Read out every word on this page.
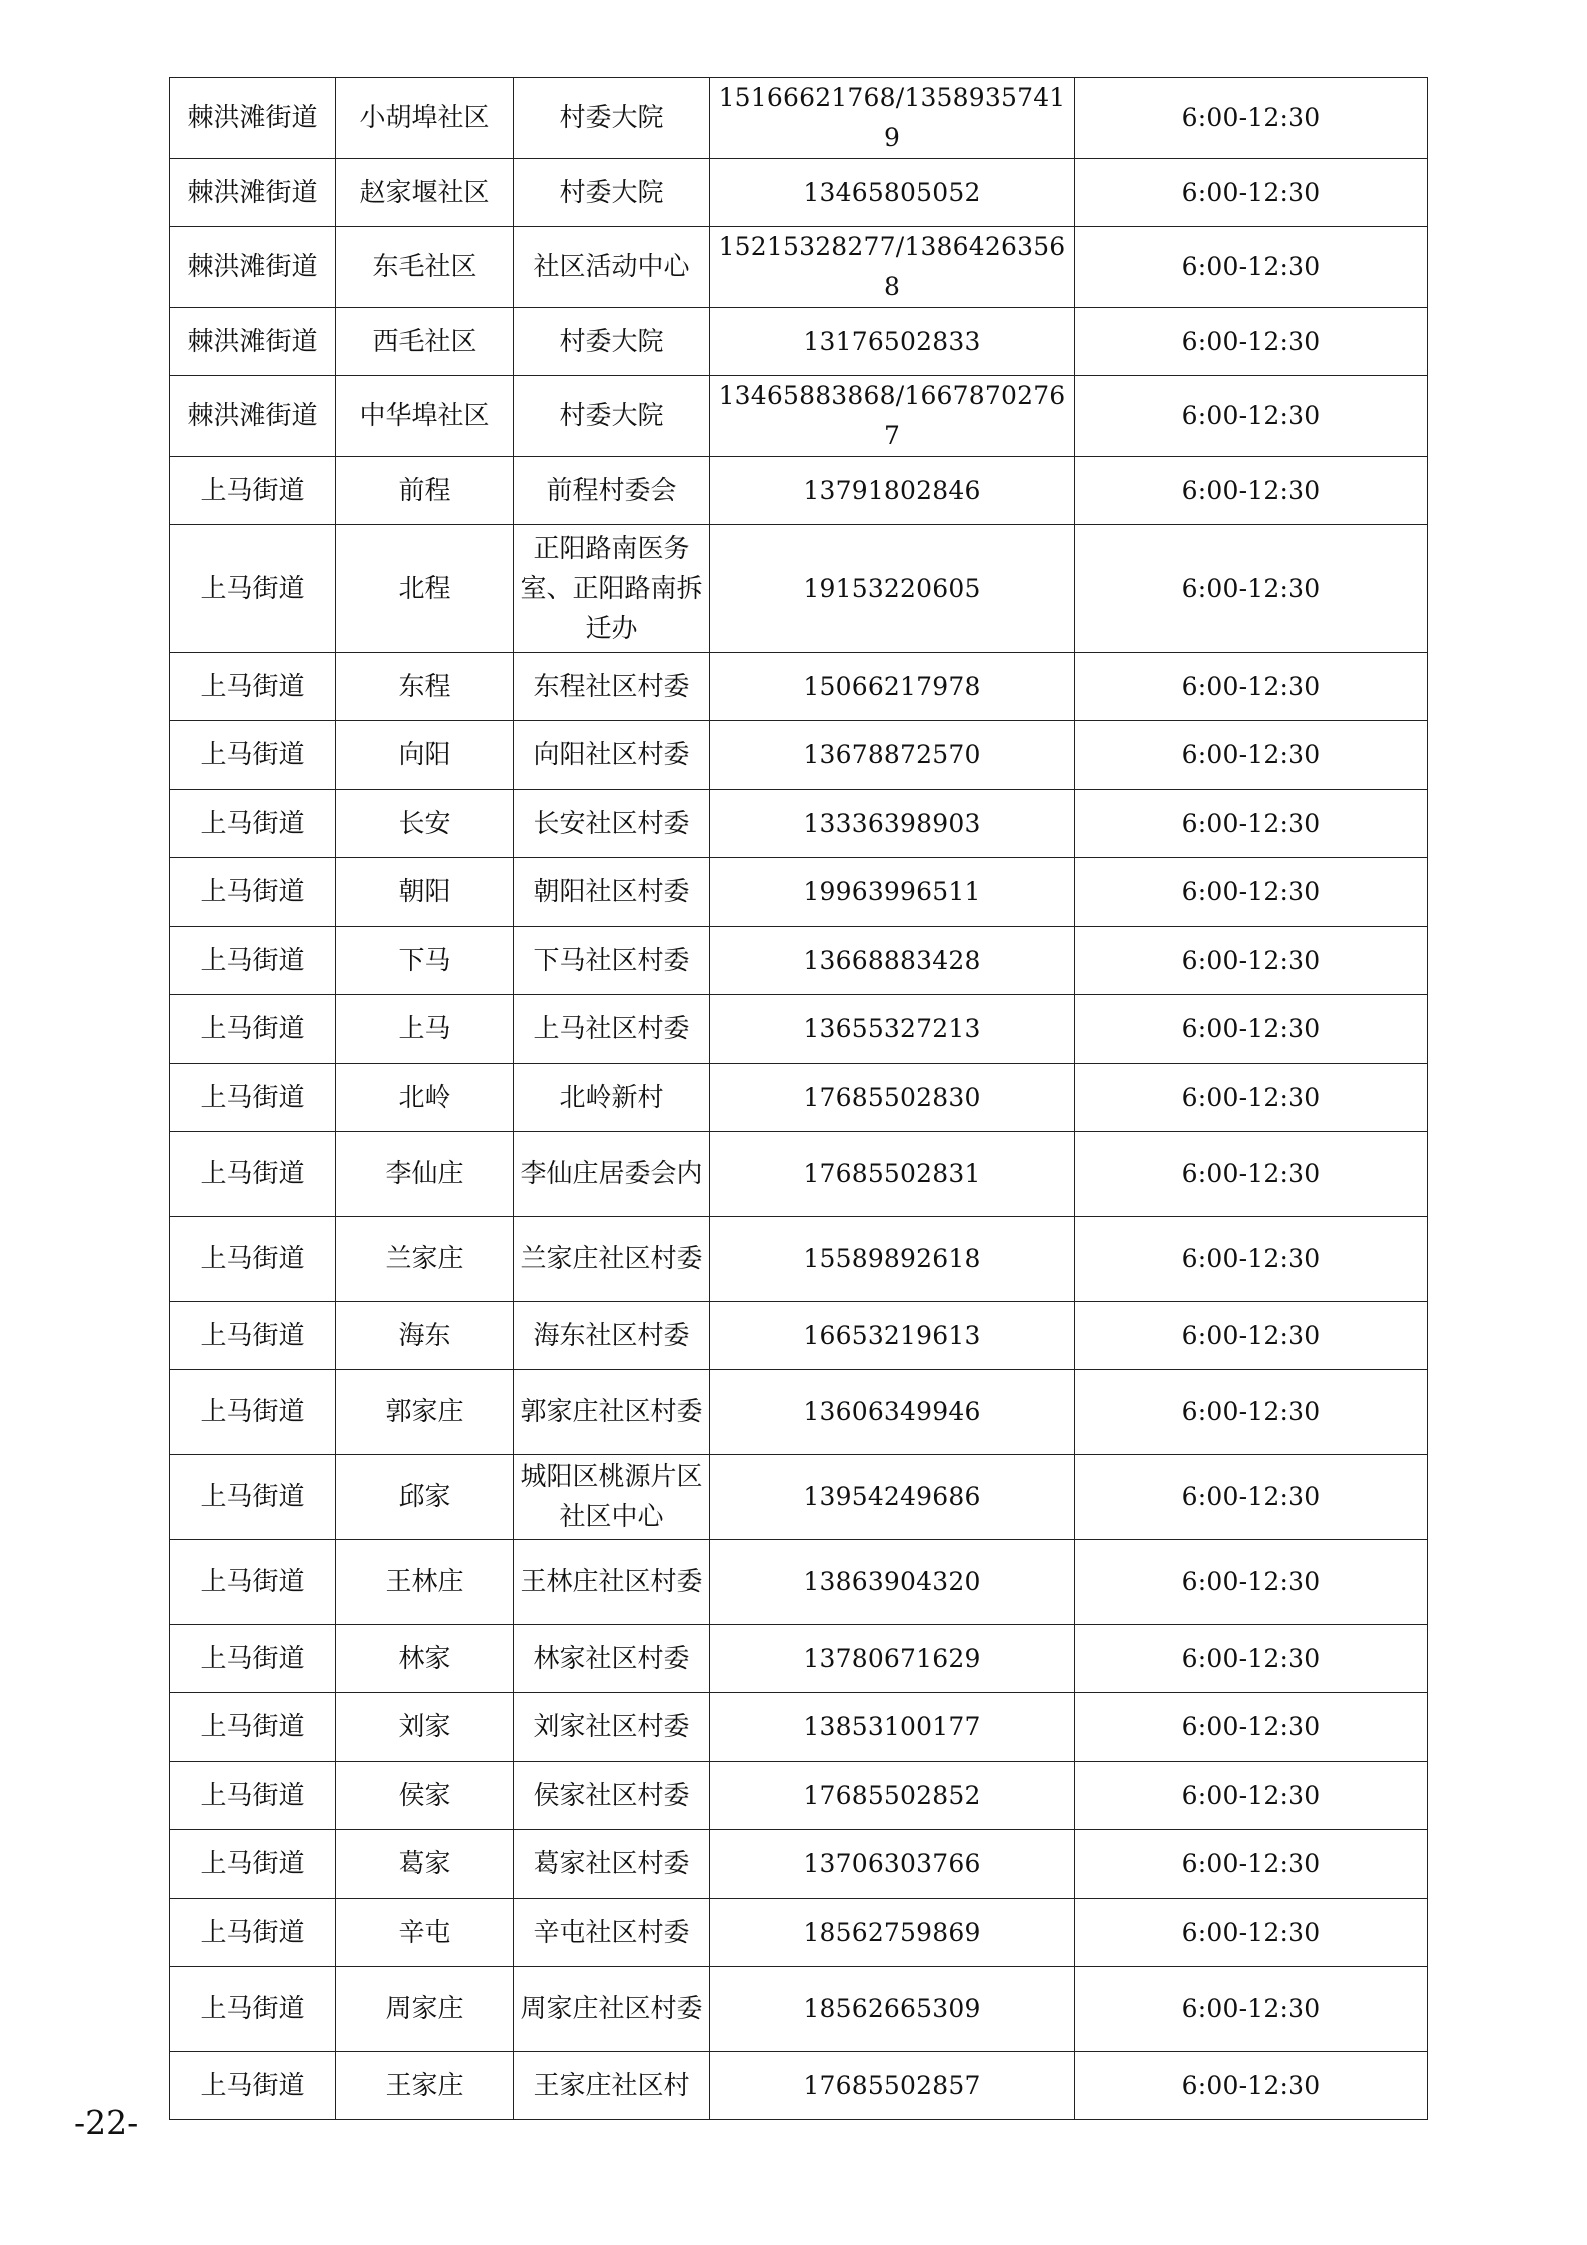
棘洪滩街道	小胡埠社区	村委大院	15166621768/13589357419	6:00-12:30
棘洪滩街道	赵家堰社区	村委大院	13465805052	6:00-12:30
棘洪滩街道	东毛社区	社区活动中心	15215328277/13864263568	6:00-12:30
棘洪滩街道	西毛社区	村委大院	13176502833	6:00-12:30
棘洪滩街道	中华埠社区	村委大院	13465883868/16678702767	6:00-12:30
上马街道	前程	前程村委会	13791802846	6:00-12:30
上马街道	北程	正阳路南医务室、正阳路南拆迁办	19153220605	6:00-12:30
上马街道	东程	东程社区村委	15066217978	6:00-12:30
上马街道	向阳	向阳社区村委	13678872570	6:00-12:30
上马街道	长安	长安社区村委	13336398903	6:00-12:30
上马街道	朝阳	朝阳社区村委	19963996511	6:00-12:30
上马街道	下马	下马社区村委	13668883428	6:00-12:30
上马街道	上马	上马社区村委	13655327213	6:00-12:30
上马街道	北岭	北岭新村	17685502830	6:00-12:30
上马街道	李仙庄	李仙庄居委会内	17685502831	6:00-12:30
上马街道	兰家庄	兰家庄社区村委	15589892618	6:00-12:30
上马街道	海东	海东社区村委	16653219613	6:00-12:30
上马街道	郭家庄	郭家庄社区村委	13606349946	6:00-12:30
上马街道	邱家	城阳区桃源片区社区中心	13954249686	6:00-12:30
上马街道	王林庄	王林庄社区村委	13863904320	6:00-12:30
上马街道	林家	林家社区村委	13780671629	6:00-12:30
上马街道	刘家	刘家社区村委	13853100177	6:00-12:30
上马街道	侯家	侯家社区村委	17685502852	6:00-12:30
上马街道	葛家	葛家社区村委	13706303766	6:00-12:30
上马街道	辛屯	辛屯社区村委	18562759869	6:00-12:30
上马街道	周家庄	周家庄社区村委	18562665309	6:00-12:30
上马街道	王家庄	王家庄社区村	17685502857	6:00-12:30
-22-
